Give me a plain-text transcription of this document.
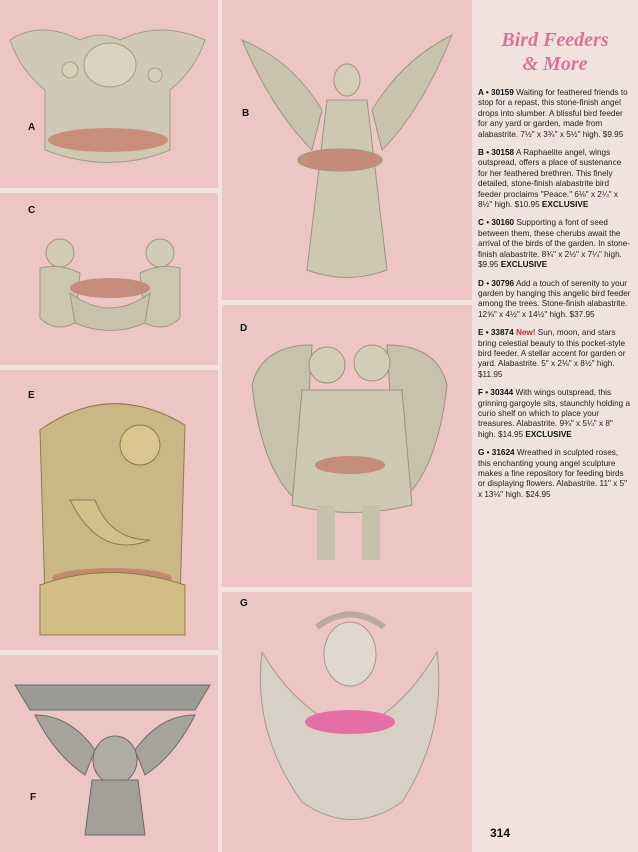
A
B
C
D
E
F
G
Bird Feeders
& More
A • 30159 Waiting for feathered friends to stop for a repast, this stone-finish angel drops into slumber. A blissful bird feeder for any yard or garden, made from alabastrite. 7½" x 3¾" x 5½" high. $9.95
B • 30158 A Raphaelite angel, wings outspread, offers a place of sustenance for her feathered brethren. This finely detailed, stone-finish alabastrite bird feeder proclaims "Peace." 6⅛" x 2¼" x 8½" high. $10.95 EXCLUSIVE
C • 30160 Supporting a font of seed between them, these cherubs await the arrival of the birds of the garden. In stone-finish alabastrite. 8¾" x 2½" x 7¼" high. $9.95 EXCLUSIVE
D • 30796 Add a touch of serenity to your garden by hanging this angelic bird feeder among the trees. Stone-finish alabastrite. 12⅝" x 4½" x 14½" high. $37.95
E • 33874 New! Sun, moon, and stars bring celestial beauty to this pocket-style bird feeder. A stellar accent for garden or yard. Alabastrite. 5" x 2⅛" x 8½" high. $11.95
F • 30344 With wings outspread, this grinning gargoyle sits, staunchly holding a curio shelf on which to place your treasures. Alabastrite. 9¾" x 5¼" x 8" high. $14.95 EXCLUSIVE
G • 31624 Wreathed in sculpted roses, this enchanting young angel sculpture makes a fine repository for feeding birds or displaying flowers. Alabastrite. 11" x 5" x 13⅛" high. $24.95
314
